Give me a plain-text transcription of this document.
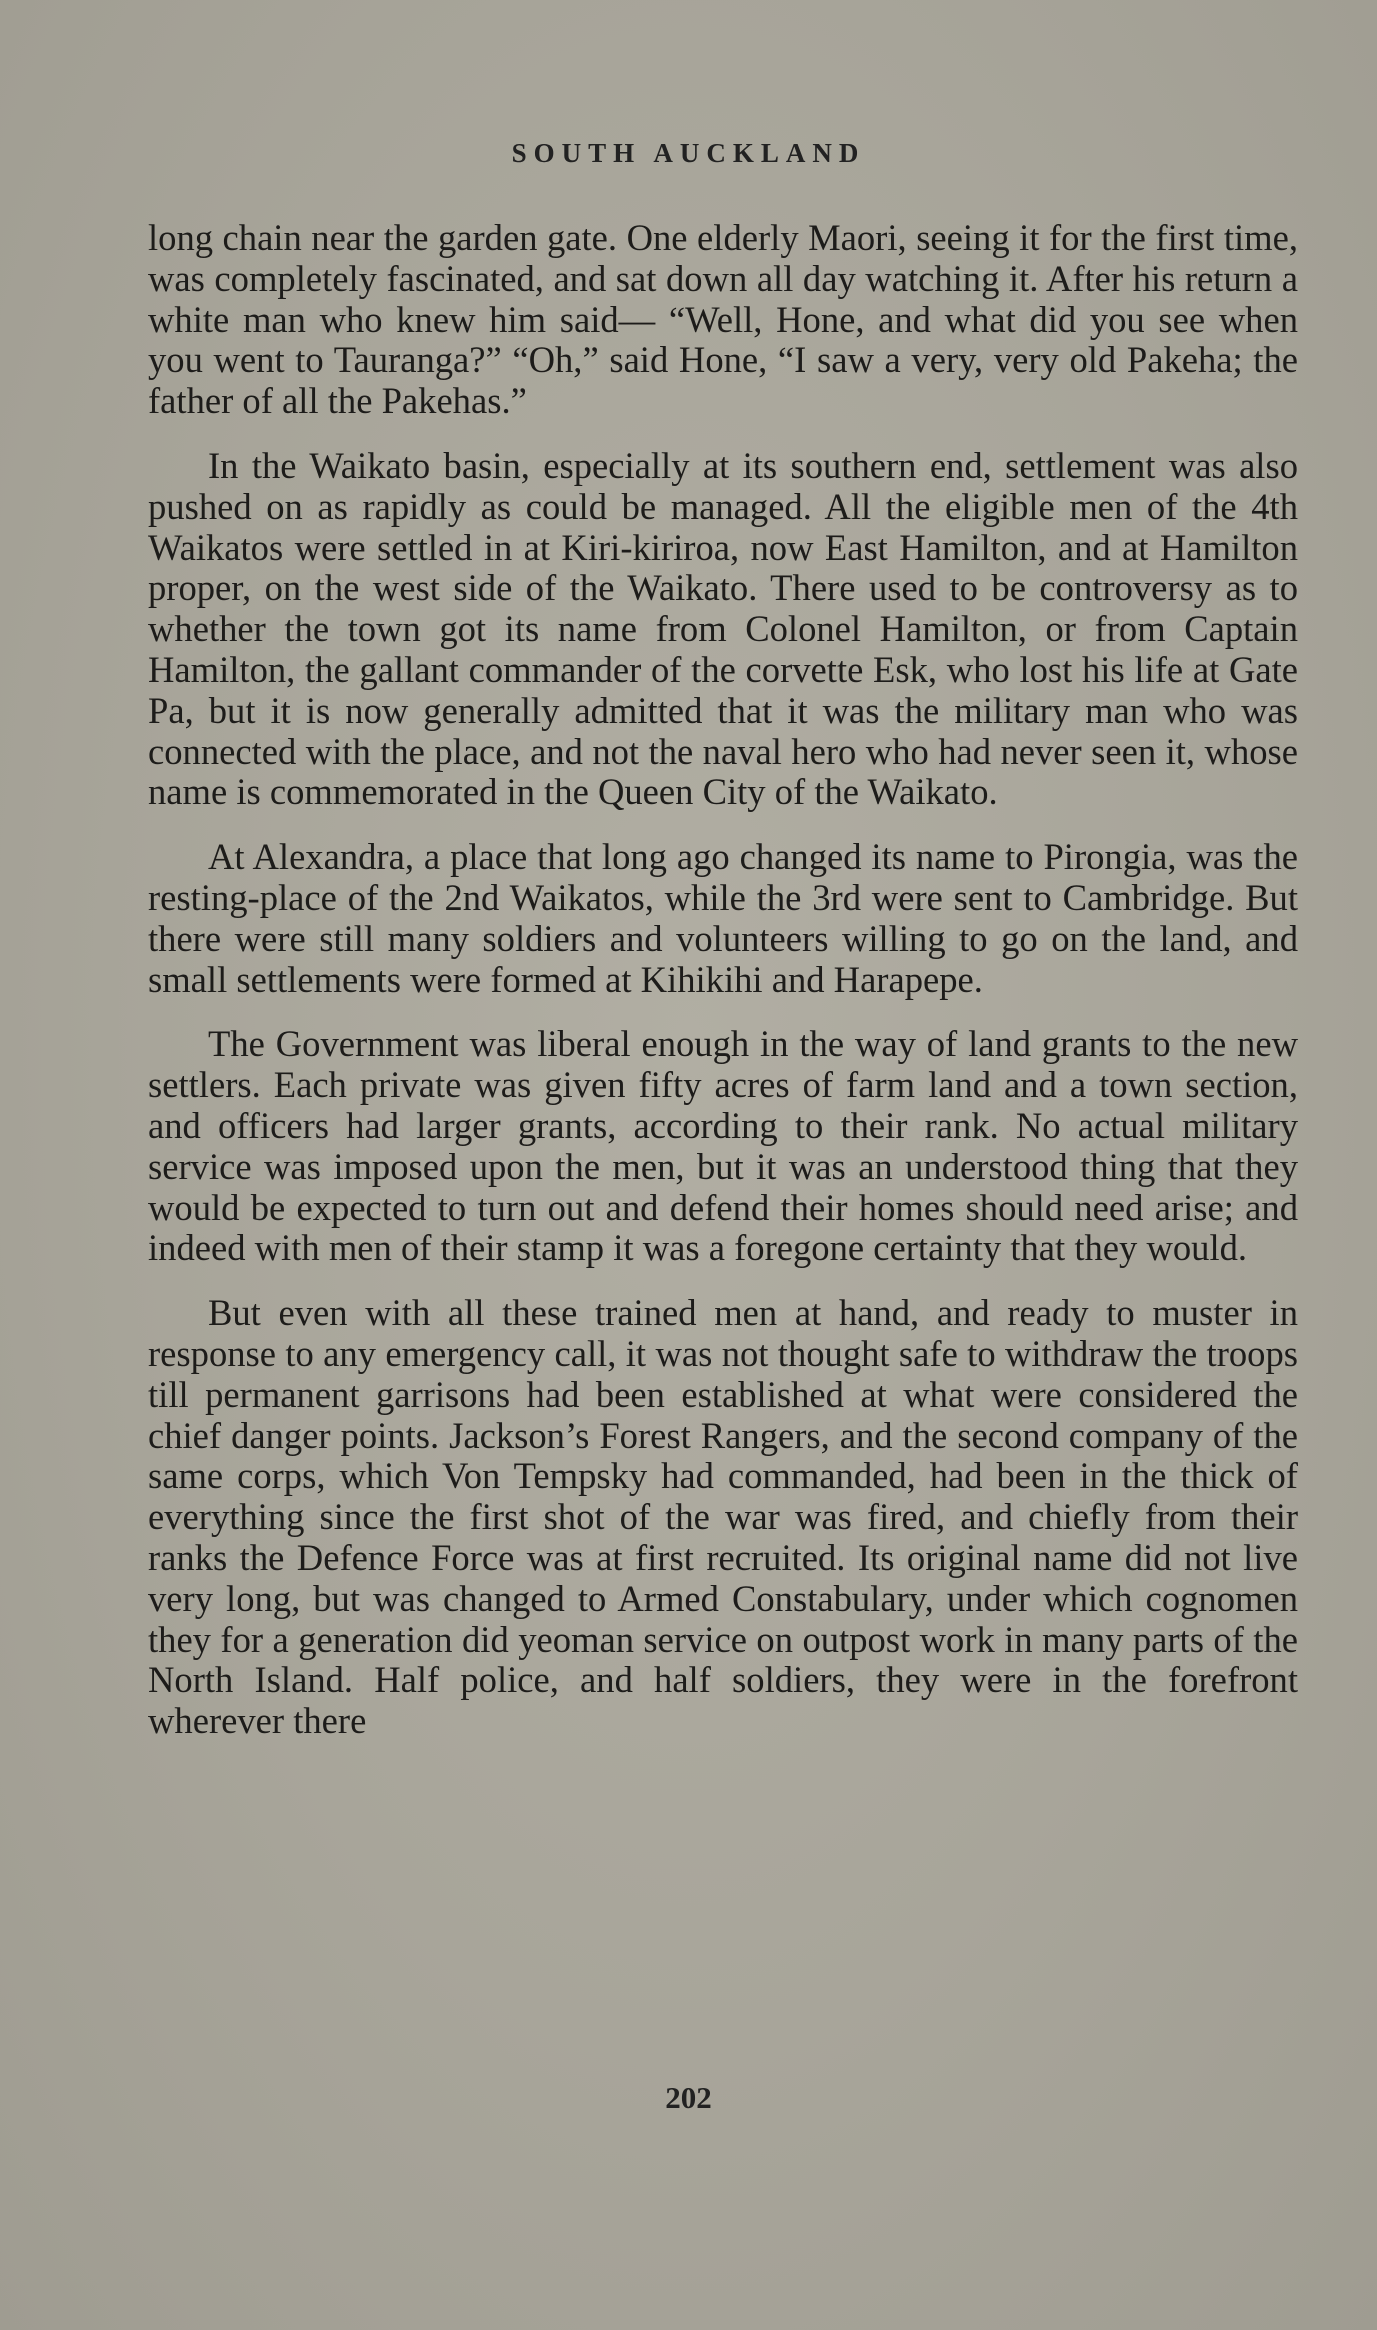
SOUTH AUCKLAND

long chain near the garden gate. One elderly Maori, seeing it for the first time, was completely fascinated, and sat down all day watching it. After his return a white man who knew him said— “Well, Hone, and what did you see when you went to Tauranga?” “Oh,” said Hone, “I saw a very, very old Pakeha; the father of all the Pakehas.”

In the Waikato basin, especially at its southern end, settlement was also pushed on as rapidly as could be managed. All the eligible men of the 4th Waikatos were settled in at Kiri-kiriroa, now East Hamilton, and at Hamilton proper, on the west side of the Waikato. There used to be controversy as to whether the town got its name from Colonel Hamilton, or from Captain Hamilton, the gallant commander of the corvette Esk, who lost his life at Gate Pa, but it is now generally admitted that it was the military man who was connected with the place, and not the naval hero who had never seen it, whose name is commemorated in the Queen City of the Waikato.

At Alexandra, a place that long ago changed its name to Pirongia, was the resting-place of the 2nd Waikatos, while the 3rd were sent to Cambridge. But there were still many soldiers and volunteers willing to go on the land, and small settlements were formed at Kihikihi and Harapepe.

The Government was liberal enough in the way of land grants to the new settlers. Each private was given fifty acres of farm land and a town section, and officers had larger grants, according to their rank. No actual military service was imposed upon the men, but it was an understood thing that they would be expected to turn out and defend their homes should need arise; and indeed with men of their stamp it was a foregone certainty that they would.

But even with all these trained men at hand, and ready to muster in response to any emergency call, it was not thought safe to withdraw the troops till permanent garrisons had been established at what were considered the chief danger points. Jackson’s Forest Rangers, and the second company of the same corps, which Von Tempsky had commanded, had been in the thick of everything since the first shot of the war was fired, and chiefly from their ranks the Defence Force was at first recruited. Its original name did not live very long, but was changed to Armed Constabulary, under which cognomen they for a generation did yeoman service on outpost work in many parts of the North Island. Half police, and half soldiers, they were in the forefront wherever there

202
